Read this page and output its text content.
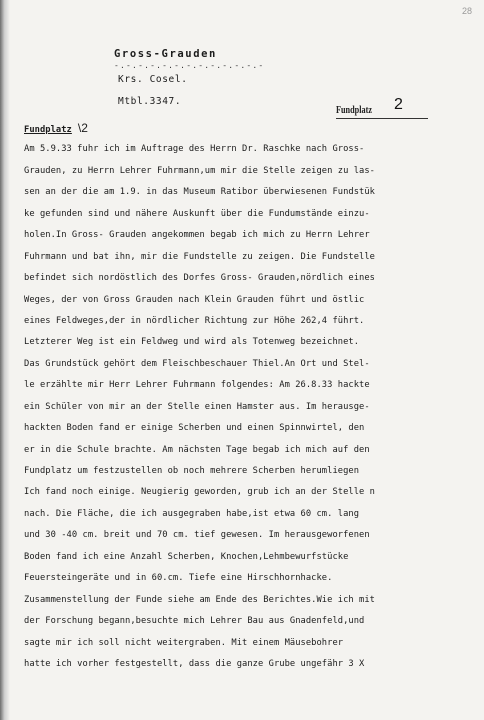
28
Gross-Grauden
-.-.-.-.-.-.-.-.-.-.-.-.-
Krs. Cosel.
Mtbl.3347.
Fundplatz 2
Fundplatz \2
Am 5.9.33 fuhr ich im Auftrage des Herrn Dr. Raschke nach Gross-
Grauden, zu Herrn Lehrer Fuhrmann,um mir die Stelle zeigen zu las-
sen an der die am 1.9. in das Museum Ratibor überwiesenen Fundstük
ke gefunden sind und nähere Auskunft über die Fundumstände einzu-
holen.In Gross- Grauden angekommen begab ich mich zu Herrn Lehrer
Fuhrmann und bat ihn, mir die Fundstelle zu zeigen. Die Fundstelle
befindet sich nordöstlich des Dorfes Gross- Grauden,nördlich eines
Weges, der von Gross Grauden nach Klein Grauden führt und östlic
eines Feldweges,der in nördlicher Richtung zur Höhe 262,4 führt.
Letzterer Weg ist ein Feldweg und wird als Totenweg bezeichnet.
Das Grundstück gehört dem Fleischbeschauer Thiel.An Ort und Stel-
le erzählte mir Herr Lehrer Fuhrmann folgendes: Am 26.8.33 hackte
ein Schüler von mir an der Stelle einen Hamster aus. Im herausge-
hackten Boden fand er einige Scherben und einen Spinnwirtel, den
er in die Schule brachte. Am nächsten Tage begab ich mich auf den
Fundplatz um festzustellen ob noch mehrere Scherben herumliegen
Ich fand noch einige. Neugierig geworden, grub ich an der Stelle n
nach. Die Fläche, die ich ausgegraben habe,ist etwa 60 cm. lang
und 30 -40 cm. breit und 70 cm. tief gewesen. Im herausgeworfenen
Boden fand ich eine Anzahl Scherben, Knochen,Lehmbewurfstücke
Feuersteingeräte und in 60.cm. Tiefe eine Hirschhornhacke.
Zusammenstellung der Funde siehe am Ende des Berichtes.Wie ich mit
der Forschung begann,besuchte mich Lehrer Bau aus Gnadenfeld,und
sagte mir ich soll nicht weitergraben. Mit einem Mäusebohrer
hatte ich vorher festgestellt, dass die ganze Grube ungefähr 3 X
